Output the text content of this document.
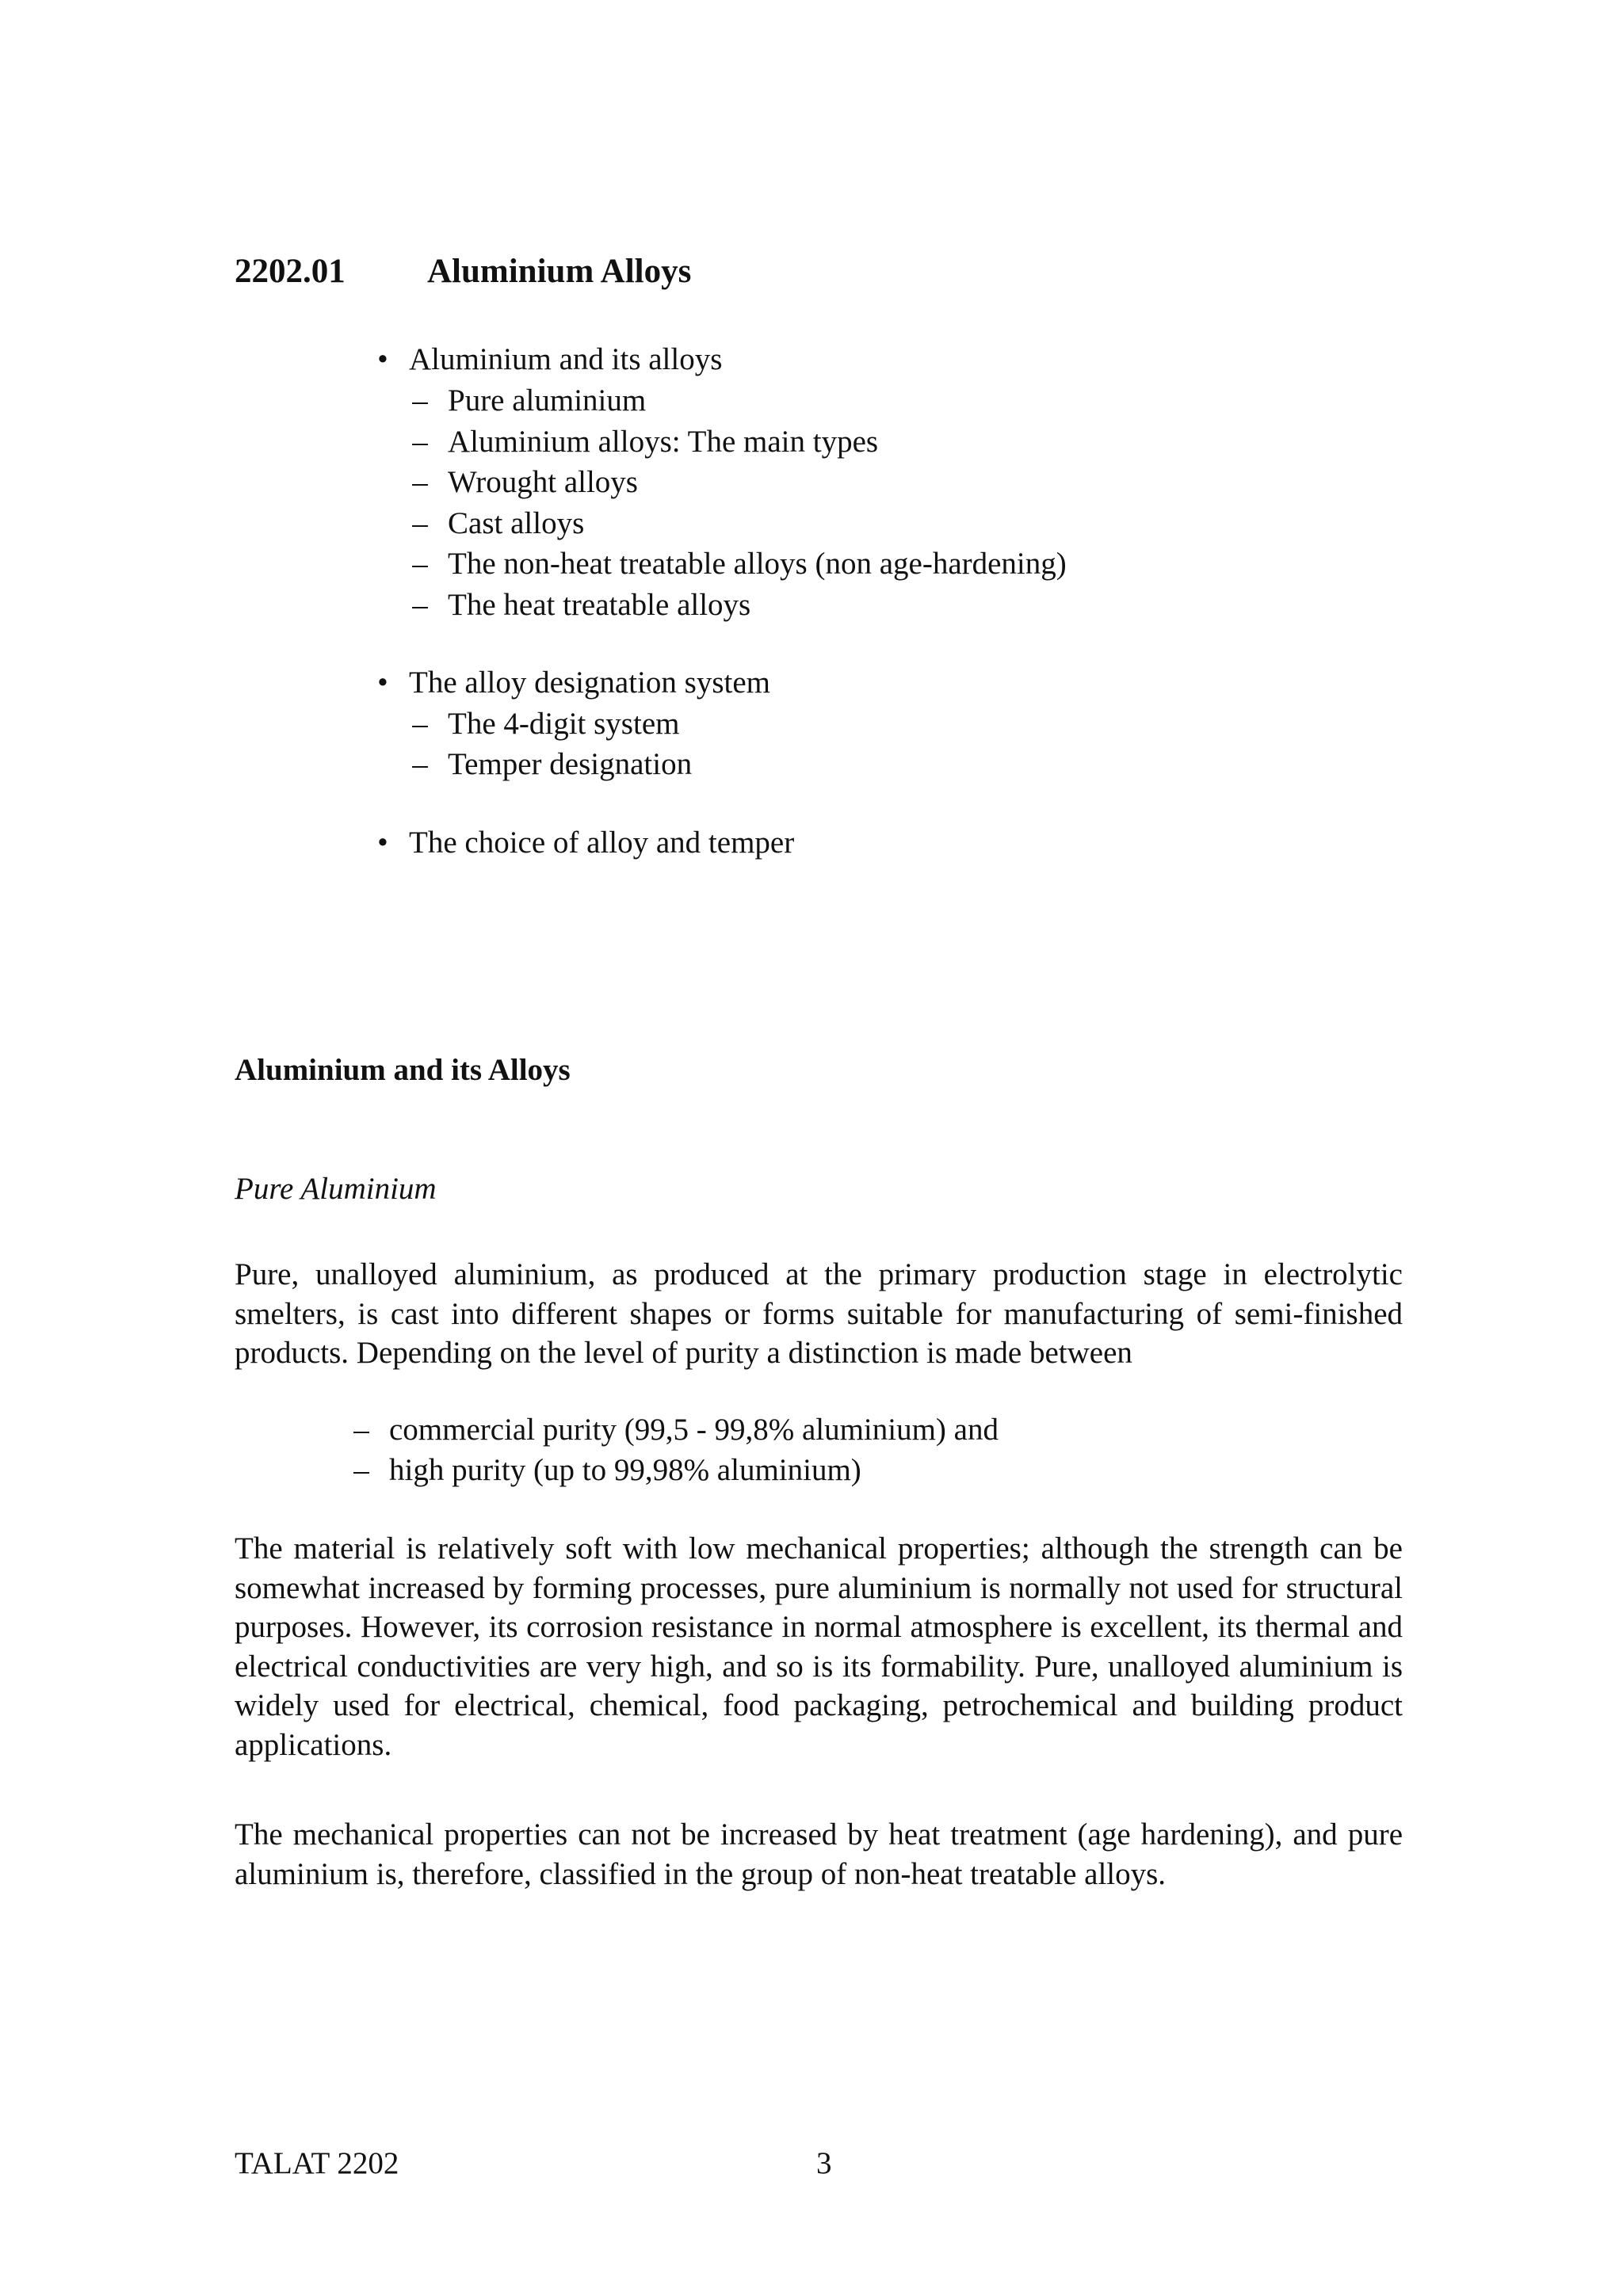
2202.01 Aluminium Alloys
• Aluminium and its alloys
– Pure aluminium
– Aluminium alloys: The main types
– Wrought alloys
– Cast alloys
– The non-heat treatable alloys (non age-hardening)
– The heat treatable alloys
• The alloy designation system
– The 4-digit system
– Temper designation
• The choice of alloy and temper
Aluminium and its Alloys
Pure Aluminium

Pure, unalloyed aluminium, as produced at the primary production stage in electrolytic smelters, is cast into different shapes or forms suitable for manufacturing of semi-finished products. Depending on the level of purity a distinction is made between

– commercial purity (99,5 - 99,8% aluminium) and
– high purity (up to 99,98% aluminium)

The material is relatively soft with low mechanical properties; although the strength can be somewhat increased by forming processes, pure aluminium is normally not used for structural purposes. However, its corrosion resistance in normal atmosphere is excellent, its thermal and electrical conductivities are very high, and so is its formability. Pure, unalloyed aluminium is widely used for electrical, chemical, food packaging, petrochemical and building product applications.

The mechanical properties can not be increased by heat treatment (age hardening), and pure aluminium is, therefore, classified in the group of non-heat treatable alloys.

TALAT 2202	3
